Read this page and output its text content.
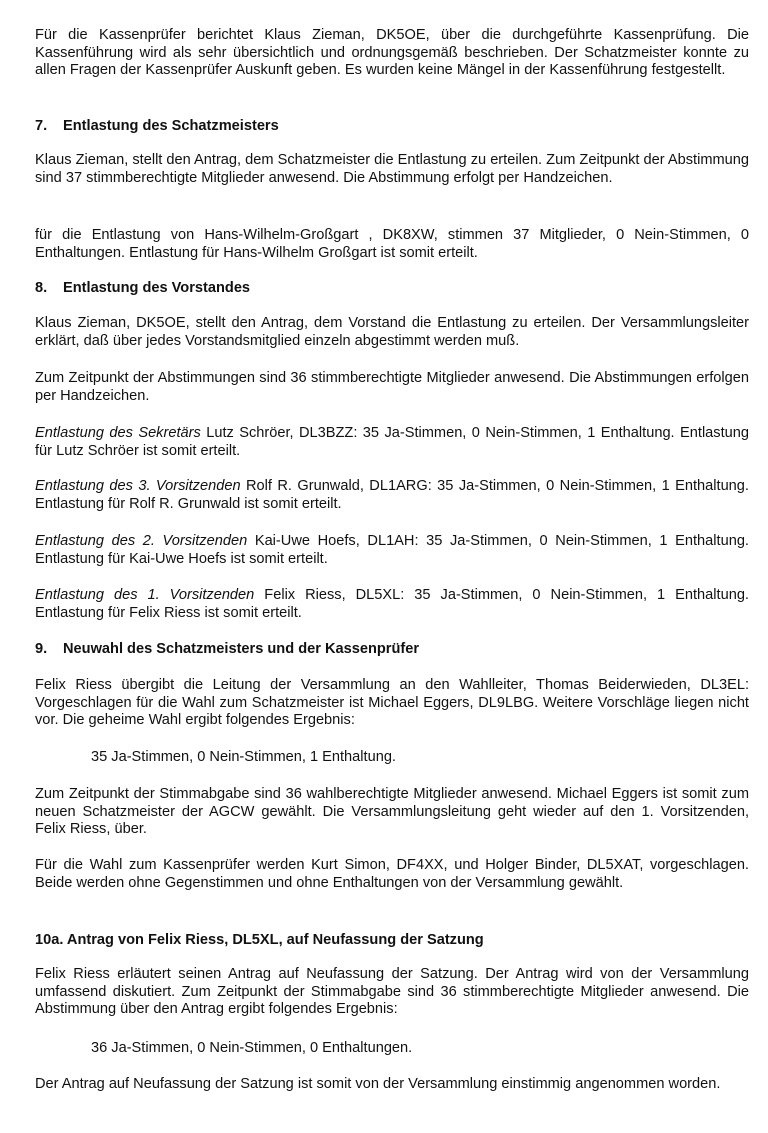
Für die Kassenprüfer berichtet Klaus Zieman, DK5OE, über die durchgeführte Kassenprüfung. Die Kassenführung wird als sehr übersichtlich und ordnungsgemäß beschrieben. Der Schatzmeister konnte zu allen Fragen der Kassenprüfer Auskunft geben. Es wurden keine Mängel in der Kassenführung festgestellt.

7. Entlastung des Schatzmeisters

Klaus Zieman, stellt den Antrag, dem Schatzmeister die Entlastung zu erteilen. Zum Zeitpunkt der Abstimmung sind 37 stimmberechtigte Mitglieder anwesend. Die Abstimmung erfolgt per Handzeichen.

für die Entlastung von Hans-Wilhelm-Großgart , DK8XW, stimmen 37 Mitglieder, 0 Nein-Stimmen, 0 Enthaltungen. Entlastung für Hans-Wilhelm Großgart ist somit erteilt.

8. Entlastung des Vorstandes

Klaus Zieman, DK5OE, stellt den Antrag, dem Vorstand die Entlastung zu erteilen. Der Versammlungsleiter erklärt, daß über jedes Vorstandsmitglied einzeln abgestimmt werden muß.

Zum Zeitpunkt der Abstimmungen sind 36 stimmberechtigte Mitglieder anwesend. Die Abstimmungen erfolgen per Handzeichen.

Entlastung des Sekretärs Lutz Schröer, DL3BZZ: 35 Ja-Stimmen, 0 Nein-Stimmen, 1 Enthaltung. Entlastung für Lutz Schröer ist somit erteilt.

Entlastung des 3. Vorsitzenden Rolf R. Grunwald, DL1ARG: 35 Ja-Stimmen, 0 Nein-Stimmen, 1 Enthaltung. Entlastung für Rolf R. Grunwald ist somit erteilt.

Entlastung des 2. Vorsitzenden Kai-Uwe Hoefs, DL1AH: 35 Ja-Stimmen, 0 Nein-Stimmen, 1 Enthaltung. Entlastung für Kai-Uwe Hoefs ist somit erteilt.

Entlastung des 1. Vorsitzenden Felix Riess, DL5XL: 35 Ja-Stimmen, 0 Nein-Stimmen, 1 Enthaltung. Entlastung für Felix Riess ist somit erteilt.

9. Neuwahl des Schatzmeisters und der Kassenprüfer

Felix Riess übergibt die Leitung der Versammlung an den Wahlleiter, Thomas Beiderwieden, DL3EL: Vorgeschlagen für die Wahl zum Schatzmeister ist Michael Eggers, DL9LBG. Weitere Vorschläge liegen nicht vor. Die geheime Wahl ergibt folgendes Ergebnis:

35 Ja-Stimmen, 0 Nein-Stimmen, 1 Enthaltung.

Zum Zeitpunkt der Stimmabgabe sind 36 wahlberechtigte Mitglieder anwesend. Michael Eggers ist somit zum neuen Schatzmeister der AGCW gewählt. Die Versammlungsleitung geht wieder auf den 1. Vorsitzenden, Felix Riess, über.

Für die Wahl zum Kassenprüfer werden Kurt Simon, DF4XX, und Holger Binder, DL5XAT, vorgeschlagen. Beide werden ohne Gegenstimmen und ohne Enthaltungen von der Versammlung gewählt.

10a. Antrag von Felix Riess, DL5XL, auf Neufassung der Satzung

Felix Riess erläutert seinen Antrag auf Neufassung der Satzung. Der Antrag wird von der Versammlung umfassend diskutiert. Zum Zeitpunkt der Stimmabgabe sind 36 stimmberechtigte Mitglieder anwesend. Die Abstimmung über den Antrag ergibt folgendes Ergebnis:

36 Ja-Stimmen, 0 Nein-Stimmen, 0 Enthaltungen.

Der Antrag auf Neufassung der Satzung ist somit von der Versammlung einstimmig angenommen worden.
